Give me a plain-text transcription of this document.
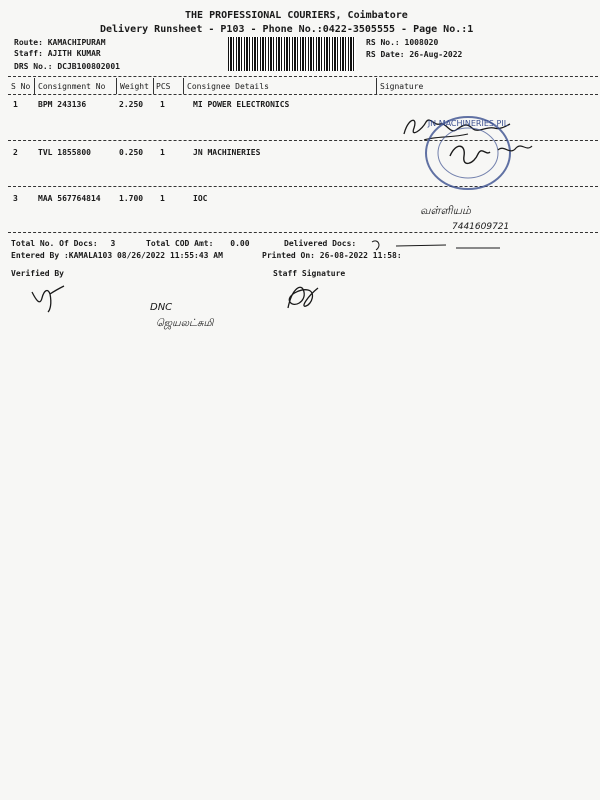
THE PROFESSIONAL COURIERS, Coimbatore
Delivery Runsheet - P103 - Phone No.:0422-3505555 - Page No.:1
Route: KAMACHIPURAM
Staff: AJITH KUMAR
DRS No.: DCJB100802001
RS No.: 1008020
RS Date: 26-Aug-2022
S No Consignment No Weight PCS Consignee Details	Signature
1	BPM 243136	2.250 1	MI POWER ELECTRONICS
2	TVL 1855800	0.250 1	JN MACHINERIES
3	MAA 567764814 1.700 1	IOC
JN MACHINERIES PIL
வள்ளியம்
7441609721
Total No. Of Docs: 3	Total COD Amt: 0.00	Delivered Docs:
Entered By :KAMALA103 08/26/2022 11:55:43 AM	Printed On: 26-08-2022 11:58:
Verified By	Staff Signature
DNC
ஜெயலட்சுமி
